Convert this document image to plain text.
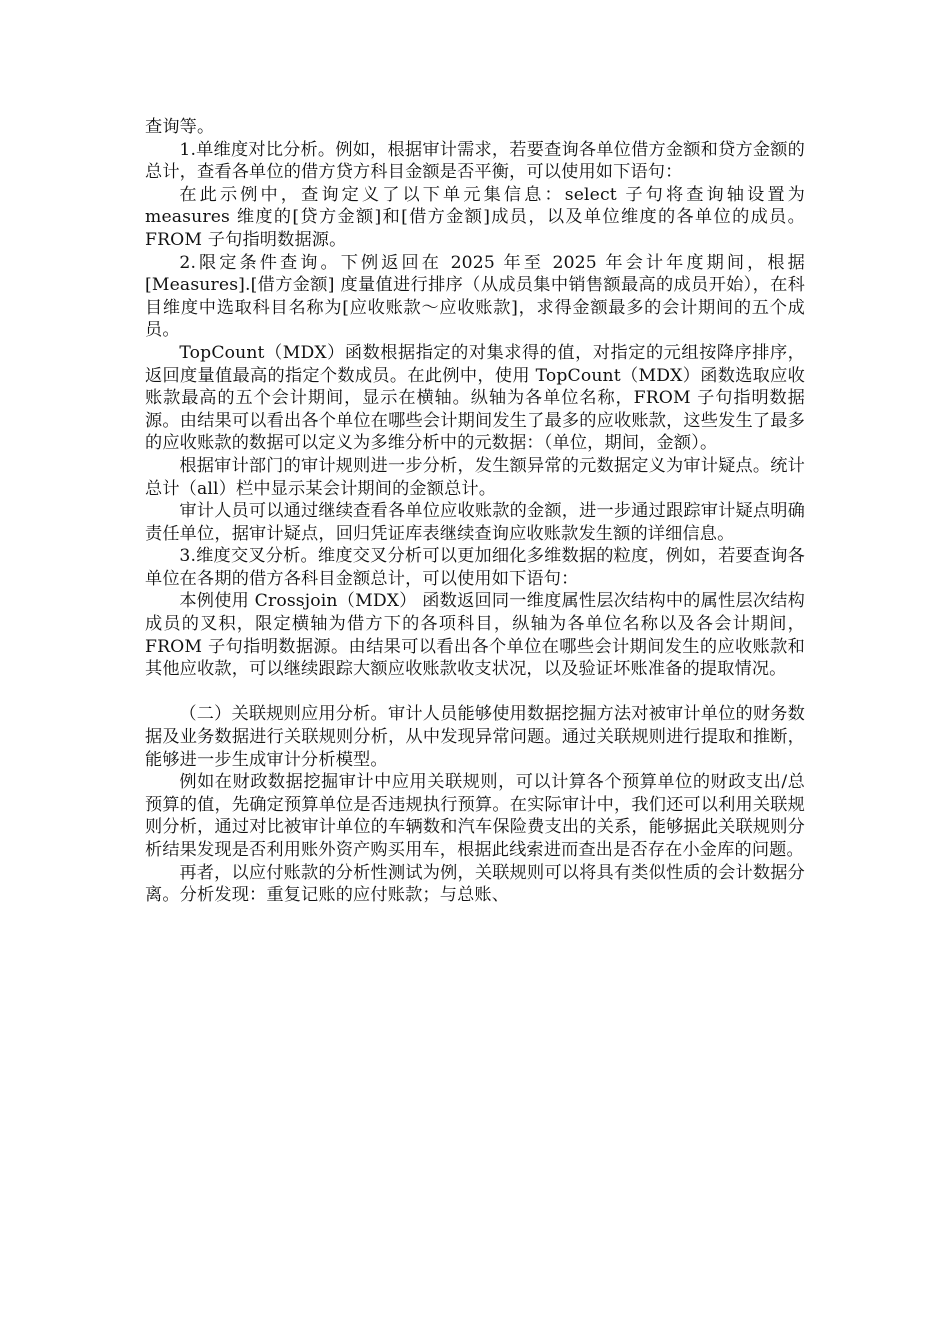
查询等。

1.单维度对比分析。例如，根据审计需求，若要查询各单位借方金额和贷方金额的总计，查看各单位的借方贷方科目金额是否平衡，可以使用如下语句：

在此示例中，查询定义了以下单元集信息：select 子句将查询轴设置为 measures 维度的[贷方金额]和[借方金额]成员，以及单位维度的各单位的成员。FROM 子句指明数据源。

2.限定条件查询。下例返回在 2025 年至 2025 年会计年度期间，根据[Measures].[借方金额] 度量值进行排序（从成员集中销售额最高的成员开始），在科目维度中选取科目名称为[应收账款～应收账款]，求得金额最多的会计期间的五个成员。

TopCount（MDX）函数根据指定的对集求得的值，对指定的元组按降序排序，返回度量值最高的指定个数成员。在此例中，使用 TopCount（MDX）函数选取应收账款最高的五个会计期间，显示在横轴。纵轴为各单位名称，FROM 子句指明数据源。由结果可以看出各个单位在哪些会计期间发生了最多的应收账款，这些发生了最多的应收账款的数据可以定义为多维分析中的元数据：（单位，期间，金额）。

根据审计部门的审计规则进一步分析，发生额异常的元数据定义为审计疑点。统计总计（all）栏中显示某会计期间的金额总计。

审计人员可以通过继续查看各单位应收账款的金额，进一步通过跟踪审计疑点明确责任单位，据审计疑点，回归凭证库表继续查询应收账款发生额的详细信息。

3.维度交叉分析。维度交叉分析可以更加细化多维数据的粒度，例如，若要查询各单位在各期的借方各科目金额总计，可以使用如下语句：

本例使用 Crossjoin（MDX） 函数返回同一维度属性层次结构中的属性层次结构成员的叉积，限定横轴为借方下的各项科目，纵轴为各单位名称以及各会计期间，FROM 子句指明数据源。由结果可以看出各个单位在哪些会计期间发生的应收账款和其他应收款，可以继续跟踪大额应收账款收支状况，以及验证坏账准备的提取情况。

（二）关联规则应用分析。审计人员能够使用数据挖掘方法对被审计单位的财务数据及业务数据进行关联规则分析，从中发现异常问题。通过关联规则进行提取和推断，能够进一步生成审计分析模型。

例如在财政数据挖掘审计中应用关联规则，可以计算各个预算单位的财政支出/总预算的值，先确定预算单位是否违规执行预算。在实际审计中，我们还可以利用关联规则分析，通过对比被审计单位的车辆数和汽车保险费支出的关系，能够据此关联规则分析结果发现是否利用账外资产购买用车，根据此线索进而查出是否存在小金库的问题。

再者，以应付账款的分析性测试为例，关联规则可以将具有类似性质的会计数据分离。分析发现：重复记账的应付账款；与总账、
